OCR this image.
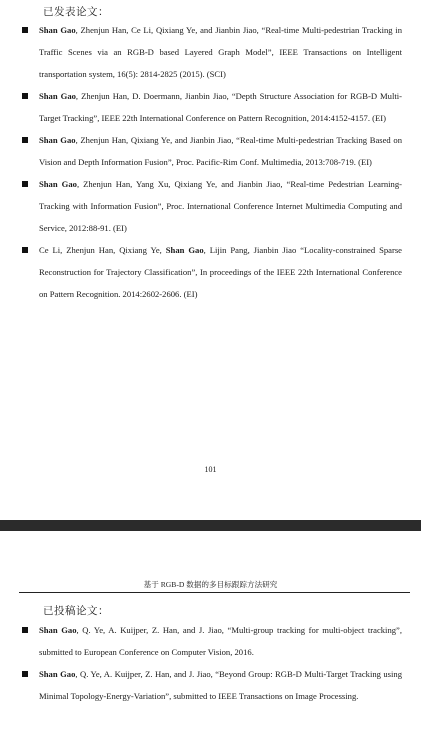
已发表论文：
Shan Gao, Zhenjun Han, Ce Li, Qixiang Ye, and Jianbin Jiao, “Real-time Multi-pedestrian Tracking in Traffic Scenes via an RGB-D based Layered Graph Model”, IEEE Transactions on Intelligent transportation system, 16(5): 2814-2825 (2015). (SCI)
Shan Gao, Zhenjun Han, D. Doermann, Jianbin Jiao, “Depth Structure Association for RGB-D Multi-Target Tracking”, IEEE 22th International Conference on Pattern Recognition, 2014:4152-4157. (EI)
Shan Gao, Zhenjun Han, Qixiang Ye, and Jianbin Jiao, “Real-time Multi-pedestrian Tracking Based on Vision and Depth Information Fusion”, Proc. Pacific-Rim Conf. Multimedia, 2013:708-719. (EI)
Shan Gao, Zhenjun Han, Yang Xu, Qixiang Ye, and Jianbin Jiao, “Real-time Pedestrian Learning-Tracking with Information Fusion”, Proc. International Conference Internet Multimedia Computing and Service, 2012:88-91. (EI)
Ce Li, Zhenjun Han, Qixiang Ye, Shan Gao, Lijin Pang, Jianbin Jiao “Locality-constrained Sparse Reconstruction for Trajectory Classification”, In proceedings of the IEEE 22th International Conference on Pattern Recognition. 2014:2602-2606. (EI)
101
基于 RGB-D 数据的多目标跟踪方法研究
已投稿论文：
Shan Gao, Q. Ye, A. Kuijper, Z. Han, and J. Jiao, “Multi-group tracking for multi-object tracking”, submitted to European Conference on Computer Vision, 2016.
Shan Gao, Q. Ye, A. Kuijper, Z. Han, and J. Jiao, “Beyond Group: RGB-D Multi-Target Tracking using Minimal Topology-Energy-Variation”, submitted to IEEE Transactions on Image Processing.
